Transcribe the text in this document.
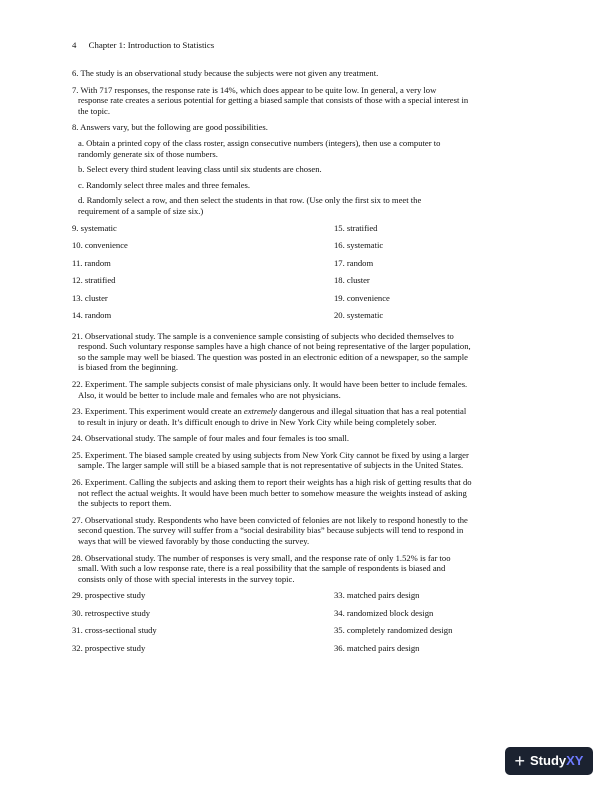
4 Chapter 1: Introduction to Statistics
6. The study is an observational study because the subjects were not given any treatment.
7. With 717 responses, the response rate is 14%, which does appear to be quite low. In general, a very low
response rate creates a serious potential for getting a biased sample that consists of those with a special interest in
the topic.
8. Answers vary, but the following are good possibilities.
a. Obtain a printed copy of the class roster, assign consecutive numbers (integers), then use a computer to
randomly generate six of those numbers.
b. Select every third student leaving class until six students are chosen.
c. Randomly select three males and three females.
d. Randomly select a row, and then select the students in that row. (Use only the first six to meet the
requirement of a sample of size six.)
9. systematic	15. stratified
10. convenience	16. systematic
11. random	17. random
12. stratified	18. cluster
13. cluster	19. convenience
14. random	20. systematic
21. Observational study. The sample is a convenience sample consisting of subjects who decided themselves to
respond. Such voluntary response samples have a high chance of not being representative of the larger population,
so the sample may well be biased. The question was posted in an electronic edition of a newspaper, so the sample
is biased from the beginning.
22. Experiment. The sample subjects consist of male physicians only. It would have been better to include females.
Also, it would be better to include male and females who are not physicians.
23. Experiment. This experiment would create an extremely dangerous and illegal situation that has a real potential
to result in injury or death. It’s difficult enough to drive in New York City while being completely sober.
24. Observational study. The sample of four males and four females is too small.
25. Experiment. The biased sample created by using subjects from New York City cannot be fixed by using a larger
sample. The larger sample will still be a biased sample that is not representative of subjects in the United States.
26. Experiment. Calling the subjects and asking them to report their weights has a high risk of getting results that do
not reflect the actual weights. It would have been much better to somehow measure the weights instead of asking
the subjects to report them.
27. Observational study. Respondents who have been convicted of felonies are not likely to respond honestly to the
second question. The survey will suffer from a “social desirability bias” because subjects will tend to respond in
ways that will be viewed favorably by those conducting the survey.
28. Observational study. The number of responses is very small, and the response rate of only 1.52% is far too
small. With such a low response rate, there is a real possibility that the sample of respondents is biased and
consists only of those with special interests in the survey topic.
29. prospective study	33. matched pairs design
30. retrospective study	34. randomized block design
31. cross-sectional study	35. completely randomized design
32. prospective study	36. matched pairs design
+ Study XY
